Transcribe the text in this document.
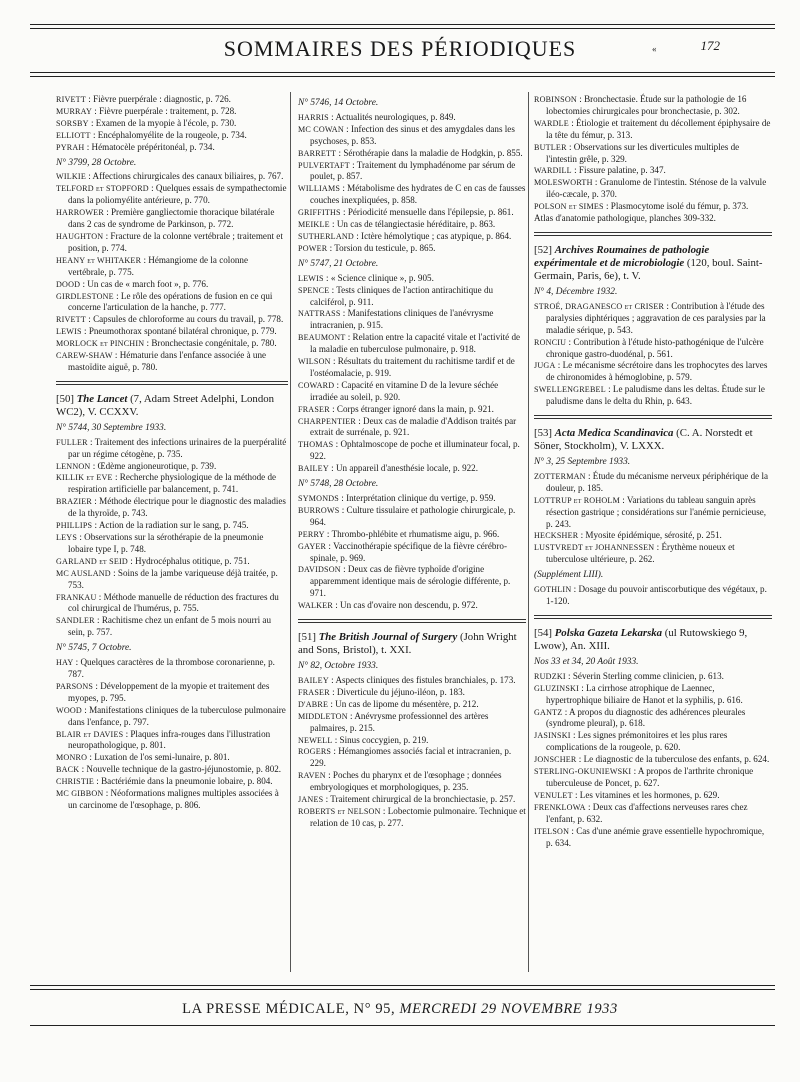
SOMMAIRES DES PÉRIODIQUES	«	172
RIVETT : Fièvre puerpérale : diagnostic, p. 726.
MURRAY : Fièvre puerpérale : traitement, p. 728.
SORSBY : Examen de la myopie à l'école, p. 730.
ELLIOTT : Encéphalomyélite de la rougeole, p. 734.
PYRAH : Hématocèle prépéritonéal, p. 734.
N° 3799, 28 Octobre.
WILKIE : Affections chirurgicales des canaux biliaires, p. 767.
TELFORD et STOPFORD : Quelques essais de sympathectomie dans la poliomyélite antérieure, p. 770.
HARROWER : Première gangliectomie thoracique bilatérale dans 2 cas de syndrome de Parkinson, p. 772.
HAUGHTON : Fracture de la colonne vertébrale ; traitement et position, p. 774.
HEANY et WHITAKER : Hémangiome de la colonne vertébrale, p. 775.
DOOD : Un cas de « march foot », p. 776.
GIRDLESTONE : Le rôle des opérations de fusion en ce qui concerne l'articulation de la hanche, p. 777.
RIVETT : Capsules de chloroforme au cours du travail, p. 778.
LEWIS : Pneumothorax spontané bilatéral chronique, p. 779.
MORLOCK et PINCHIN : Bronchectasie congénitale, p. 780.
CAREW-SHAW : Hématurie dans l'enfance associée à une mastoïdite aiguë, p. 780.
[50] The Lancet (7, Adam Street Adelphi, London WC2), V. CCXXV.
N° 5744, 30 Septembre 1933.
FULLER : Traitement des infections urinaires de la puerpéralité par un régime cétogène, p. 735.
LENNON : Œdème angioneurotique, p. 739.
KILLIK et EVE : Recherche physiologique de la méthode de respiration artificielle par balancement, p. 741.
BRAZIER : Méthode électrique pour le diagnostic des maladies de la thyroïde, p. 743.
PHILLIPS : Action de la radiation sur le sang, p. 745.
LEYS : Observations sur la sérothérapie de la pneumonie lobaire type I, p. 748.
GARLAND et SEID : Hydrocéphalus otitique, p. 751.
MC AUSLAND : Soins de la jambe variqueuse déjà traitée, p. 753.
FRANKAU : Méthode manuelle de réduction des fractures du col chirurgical de l'humérus, p. 755.
SANDLER : Rachitisme chez un enfant de 5 mois nourri au sein, p. 757.
N° 5745, 7 Octobre.
HAY : Quelques caractères de la thrombose coronarienne, p. 787.
PARSONS : Développement de la myopie et traitement des myopes, p. 795.
WOOD : Manifestations cliniques de la tuberculose pulmonaire dans l'enfance, p. 797.
BLAIR et DAVIES : Plaques infra-rouges dans l'illustration neuropathologique, p. 801.
MONRO : Luxation de l'os semi-lunaire, p. 801.
BACK : Nouvelle technique de la gastro-jéjunostomie, p. 802.
CHRISTIE : Bactériémie dans la pneumonie lobaire, p. 804.
MC GIBBON : Néoformations malignes multiples associées à un carcinome de l'œsophage, p. 806.
N° 5746, 14 Octobre.
HARRIS : Actualités neurologiques, p. 849.
MC COWAN : Infection des sinus et des amygdales dans les psychoses, p. 853.
BARRETT : Sérothérapie dans la maladie de Hodgkin, p. 855.
PULVERTAFT : Traitement du lymphadénome par sérum de poulet, p. 857.
WILLIAMS : Métabolisme des hydrates de C en cas de fausses couches inexpliquées, p. 858.
GRIFFITHS : Périodicité mensuelle dans l'épilepsie, p. 861.
MEIKLE : Un cas de télangiectasie héréditaire, p. 863.
SUTHERLAND : Ictère hémolytique ; cas atypique, p. 864.
POWER : Torsion du testicule, p. 865.
N° 5747, 21 Octobre.
LEWIS : « Science clinique », p. 905.
SPENCE : Tests cliniques de l'action antirachitique du calciférol, p. 911.
NATTRASS : Manifestations cliniques de l'anévrysme intracranien, p. 915.
BEAUMONT : Relation entre la capacité vitale et l'activité de la maladie en tuberculose pulmonaire, p. 918.
WILSON : Résultats du traitement du rachitisme tardif et de l'ostéomalacie, p. 919.
COWARD : Capacité en vitamine D de la levure séchée irradiée au soleil, p. 920.
FRASER : Corps étranger ignoré dans la main, p. 921.
CHARPENTIER : Deux cas de maladie d'Addison traités par extrait de surrénale, p. 921.
THOMAS : Ophtalmoscope de poche et illuminateur focal, p. 922.
BAILEY : Un appareil d'anesthésie locale, p. 922.
N° 5748, 28 Octobre.
SYMONDS : Interprétation clinique du vertige, p. 959.
BURROWS : Culture tissulaire et pathologie chirurgicale, p. 964.
PERRY : Thrombo-phlébite et rhumatisme aigu, p. 966.
GAYER : Vaccinothérapie spécifique de la fièvre cérébro-spinale, p. 969.
DAVIDSON : Deux cas de fièvre typhoïde d'origine apparemment identique mais de sérologie différente, p. 971.
WALKER : Un cas d'ovaire non descendu, p. 972.
[51] The British Journal of Surgery (John Wright and Sons, Bristol), t. XXI.
N° 82, Octobre 1933.
BAILEY : Aspects cliniques des fistules branchiales, p. 173.
FRASER : Diverticule du jéjuno-iléon, p. 183.
D'ABRE : Un cas de lipome du mésentère, p. 212.
MIDDLETON : Anévrysme professionnel des artères palmaires, p. 215.
NEWELL : Sinus coccygien, p. 219.
ROGERS : Hémangiomes associés facial et intracranien, p. 229.
RAVEN : Poches du pharynx et de l'œsophage ; données embryologiques et morphologiques, p. 235.
JANES : Traitement chirurgical de la bronchiectasie, p. 257.
ROBERTS et NELSON : Lobectomie pulmonaire. Technique et relation de 10 cas, p. 277.
ROBINSON : Bronchectasie. Étude sur la pathologie de 16 lobectomies chirurgicales pour bronchectasie, p. 302.
WARDLE : Étiologie et traitement du décollement épiphysaire de la tête du fémur, p. 313.
BUTLER : Observations sur les diverticules multiples de l'intestin grêle, p. 329.
WARDILL : Fissure palatine, p. 347.
MOLESWORTH : Granulome de l'intestin. Sténose de la valvule iléo-cæcale, p. 370.
POLSON et SIMES : Plasmocytome isolé du fémur, p. 373.
Atlas d'anatomie pathologique, planches 309-332.
[52] Archives Roumaines de pathologie expérimentale et de microbiologie (120, boul. Saint-Germain, Paris, 6e), t. V.
N° 4, Décembre 1932.
STROÉ, DRAGANESCO et CRISER : Contribution à l'étude des paralysies diphtériques ; aggravation de ces paralysies par la maladie sérique, p. 543.
RONCIU : Contribution à l'étude histo-pathogénique de l'ulcère chronique gastro-duodénal, p. 561.
JUGA : Le mécanisme sécrétoire dans les trophocytes des larves de chironomides à hémoglobine, p. 579.
SWELLENGREBEL : Le paludisme dans les deltas. Étude sur le paludisme dans le delta du Rhin, p. 643.
[53] Acta Medica Scandinavica (C. A. Norstedt et Söner, Stockholm), V. LXXX.
N° 3, 25 Septembre 1933.
ZOTTERMAN : Étude du mécanisme nerveux périphérique de la douleur, p. 185.
LOTTRUP et ROHOLM : Variations du tableau sanguin après résection gastrique ; considérations sur l'anémie pernicieuse, p. 243.
HECKSHER : Myosite épidémique, sérosité, p. 251.
LUSTVREDT et JOHANNESSEN : Érythème noueux et tuberculose ultérieure, p. 262.
(Supplément LIII).
GOTHLIN : Dosage du pouvoir antiscorbutique des végétaux, p. 1-120.
[54] Polska Gazeta Lekarska (ul Rutowskiego 9, Lwow), An. XIII.
Nos 33 et 34, 20 Août 1933.
RUDZKI : Séverin Sterling comme clinicien, p. 613.
GLUZINSKI : La cirrhose atrophique de Laennec, hypertrophique biliaire de Hanot et la syphilis, p. 616.
GANTZ : A propos du diagnostic des adhérences pleurales (syndrome pleural), p. 618.
JASINSKI : Les signes prémonitoires et les plus rares complications de la rougeole, p. 620.
JONSCHER : Le diagnostic de la tuberculose des enfants, p. 624.
STERLING-OKUNIEWSKI : A propos de l'arthrite chronique tuberculeuse de Poncet, p. 627.
VENULET : Les vitamines et les hormones, p. 629.
FRENKLOWA : Deux cas d'affections nerveuses rares chez l'enfant, p. 632.
ITELSON : Cas d'une anémie grave essentielle hypochromique, p. 634.
LA PRESSE MÉDICALE, N° 95, MERCREDI 29 NOVEMBRE 1933
